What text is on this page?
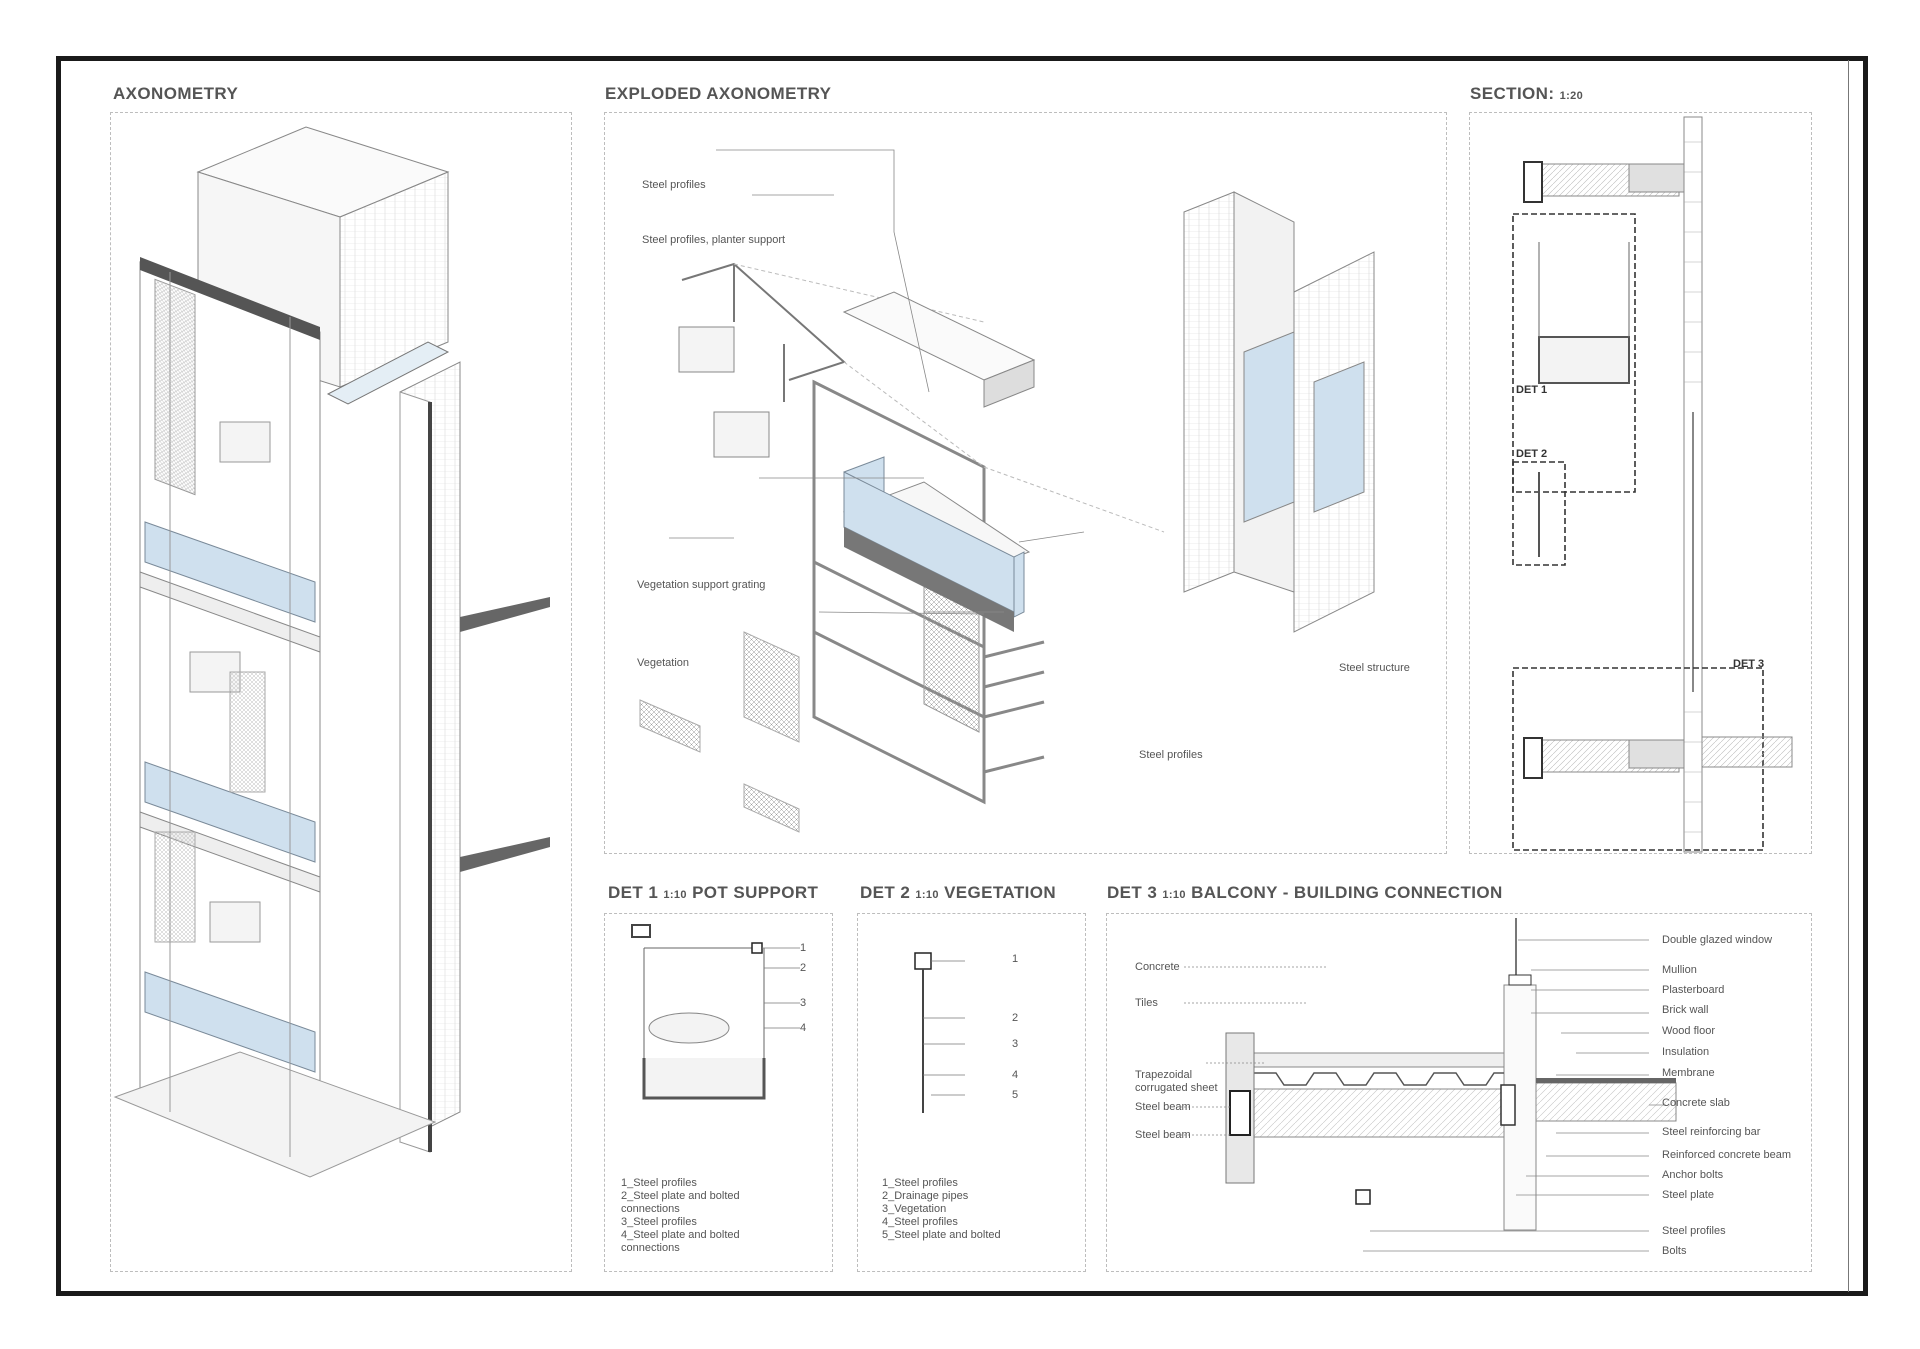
AXONOMETRY	EXPLODED AXONOMETRY	SECTION: 1:20
DET 1 1:10 POT SUPPORT DET 2 1:10 VEGETATION	DET 3 1:10 BALCONY - BUILDING CONNECTION
Steel profiles
Steel profiles, planter support
Vegetation support grating
Vegetation	Steel structure
Steel profiles
DET 1
DET 2
DET 3
1
2
3
4
1_Steel profiles
2_Steel plate and bolted
connections
3_Steel profiles
4_Steel plate and bolted
connections
1
2
3
4
5
1_Steel profiles
2_Drainage pipes
3_Vegetation
4_Steel profiles
5_Steel plate and bolted
Concrete
Tiles
Trapezoidal
corrugated sheet
Steel beam
Steel beam
Double glazed window
Mullion
Plasterboard
Brick wall
Wood floor
Insulation
Membrane
Concrete slab
Steel reinforcing bar
Reinforced concrete beam
Anchor bolts
Steel plate
Steel profiles
Bolts
